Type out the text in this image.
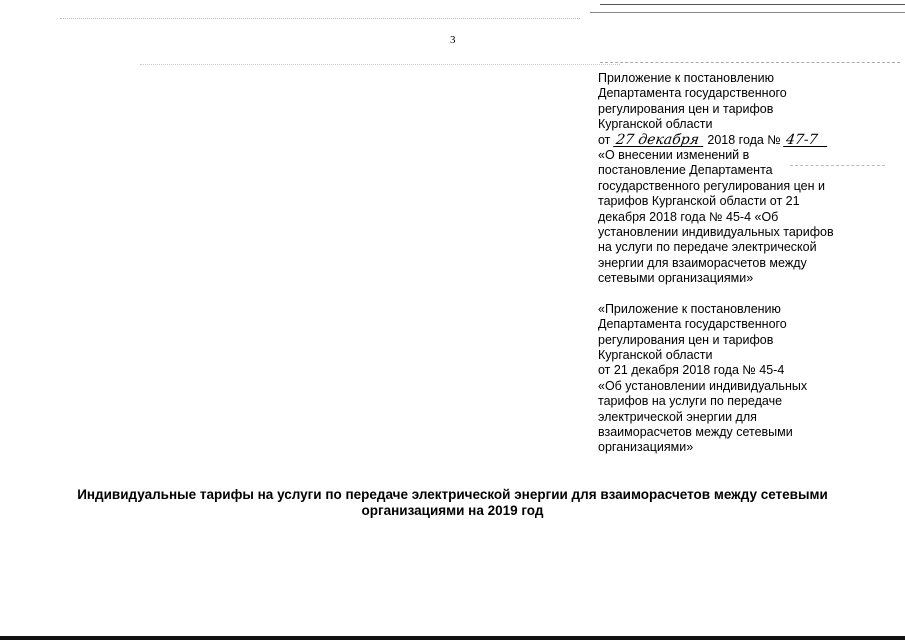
3
Приложение к постановлению
Департамента государственного
регулирования цен и тарифов
Курганской области
от 27 декабря 2018 года № 47-7
«О внесении изменений в
постановление Департамента
государственного регулирования цен и
тарифов Курганской области от 21
декабря 2018 года № 45-4 «Об
установлении индивидуальных тарифов
на услуги по передаче электрической
энергии для взаиморасчетов между
сетевыми организациями»
«Приложение к постановлению
Департамента государственного
регулирования цен и тарифов
Курганской области
от 21 декабря 2018 года № 45-4
«Об установлении индивидуальных
тарифов на услуги по передаче
электрической энергии для
взаиморасчетов между сетевыми
организациями»
Индивидуальные тарифы на услуги по передаче электрической энергии для взаиморасчетов между сетевыми
организациями на 2019 год
